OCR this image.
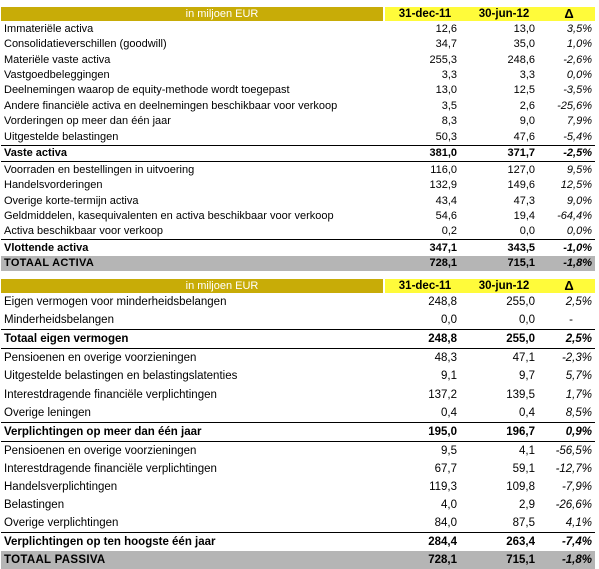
in miljoen EUR	31-dec-11	30-jun-12	Δ
Immateriële activa	12,6	13,0	3,5%
Consolidatieverschillen (goodwill)	34,7	35,0	1,0%
Materiële vaste activa	255,3	248,6	-2,6%
Vastgoedbeleggingen	3,3	3,3	0,0%
Deelnemingen waarop de equity-methode wordt toegepast	13,0	12,5	-3,5%
Andere financiële activa en deelnemingen beschikbaar voor verkoop	3,5	2,6	-25,6%
Vorderingen op meer dan één jaar	8,3	9,0	7,9%
Uitgestelde belastingen	50,3	47,6	-5,4%
Vaste activa	381,0	371,7	-2,5%
Voorraden en bestellingen in uitvoering	116,0	127,0	9,5%
Handelsvorderingen	132,9	149,6	12,5%
Overige korte-termijn activa	43,4	47,3	9,0%
Geldmiddelen, kasequivalenten en activa beschikbaar voor verkoop	54,6	19,4	-64,4%
Activa beschikbaar voor verkoop	0,2	0,0	0,0%
Vlottende activa	347,1	343,5	-1,0%
TOTAAL ACTIVA	728,1	715,1	-1,8%
in miljoen EUR	31-dec-11	30-jun-12	Δ
Eigen vermogen voor minderheidsbelangen	248,8	255,0	2,5%
Minderheidsbelangen	0,0	0,0	-
Totaal eigen vermogen	248,8	255,0	2,5%
Pensioenen en overige voorzieningen	48,3	47,1	-2,3%
Uitgestelde belastingen en belastingslatenties	9,1	9,7	5,7%
Interestdragende financiële verplichtingen	137,2	139,5	1,7%
Overige leningen	0,4	0,4	8,5%
Verplichtingen op meer dan één jaar	195,0	196,7	0,9%
Pensioenen en overige voorzieningen	9,5	4,1	-56,5%
Interestdragende financiële verplichtingen	67,7	59,1	-12,7%
Handelsverplichtingen	119,3	109,8	-7,9%
Belastingen	4,0	2,9	-26,6%
Overige verplichtingen	84,0	87,5	4,1%
Verplichtingen op ten hoogste één jaar	284,4	263,4	-7,4%
TOTAAL PASSIVA	728,1	715,1	-1,8%
